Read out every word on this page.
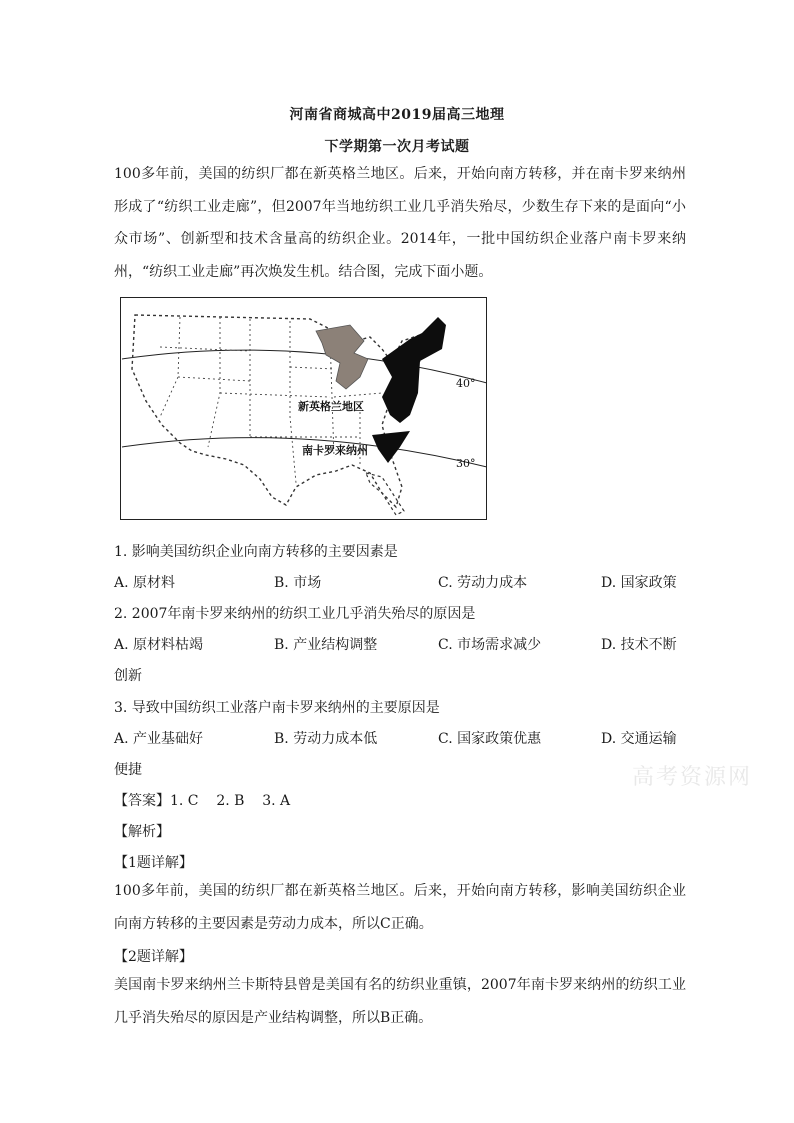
河南省商城高中2019届高三地理
下学期第一次月考试题
100多年前，美国的纺织厂都在新英格兰地区。后来，开始向南方转移，并在南卡罗来纳州形成了“纺织工业走廊”，但2007年当地纺织工业几乎消失殆尽，少数生存下来的是面向“小众市场”、创新型和技术含量高的纺织企业。2014年，一批中国纺织企业落户南卡罗来纳州，“纺织工业走廊”再次焕发生机。结合图，完成下面小题。
新英格兰地区
南卡罗来纳州
40°
30°
1. 影响美国纺织企业向南方转移的主要因素是
A. 原材料	B. 市场	C. 劳动力成本	D. 国家政策
2. 2007年南卡罗来纳州的纺织工业几乎消失殆尽的原因是
A. 原材料枯竭	B. 产业结构调整	C. 市场需求减少	D. 技术不断
创新
3. 导致中国纺织工业落户南卡罗来纳州的主要原因是
A. 产业基础好	B. 劳动力成本低	C. 国家政策优惠	D. 交通运输
便捷	高考资源网
【答案】1. C    2. B    3. A
【解析】
【1题详解】
100多年前，美国的纺织厂都在新英格兰地区。后来，开始向南方转移，影响美国纺织企业向南方转移的主要因素是劳动力成本，所以C正确。
【2题详解】
美国南卡罗来纳州兰卡斯特县曾是美国有名的纺织业重镇，2007年南卡罗来纳州的纺织工业几乎消失殆尽的原因是产业结构调整，所以B正确。
